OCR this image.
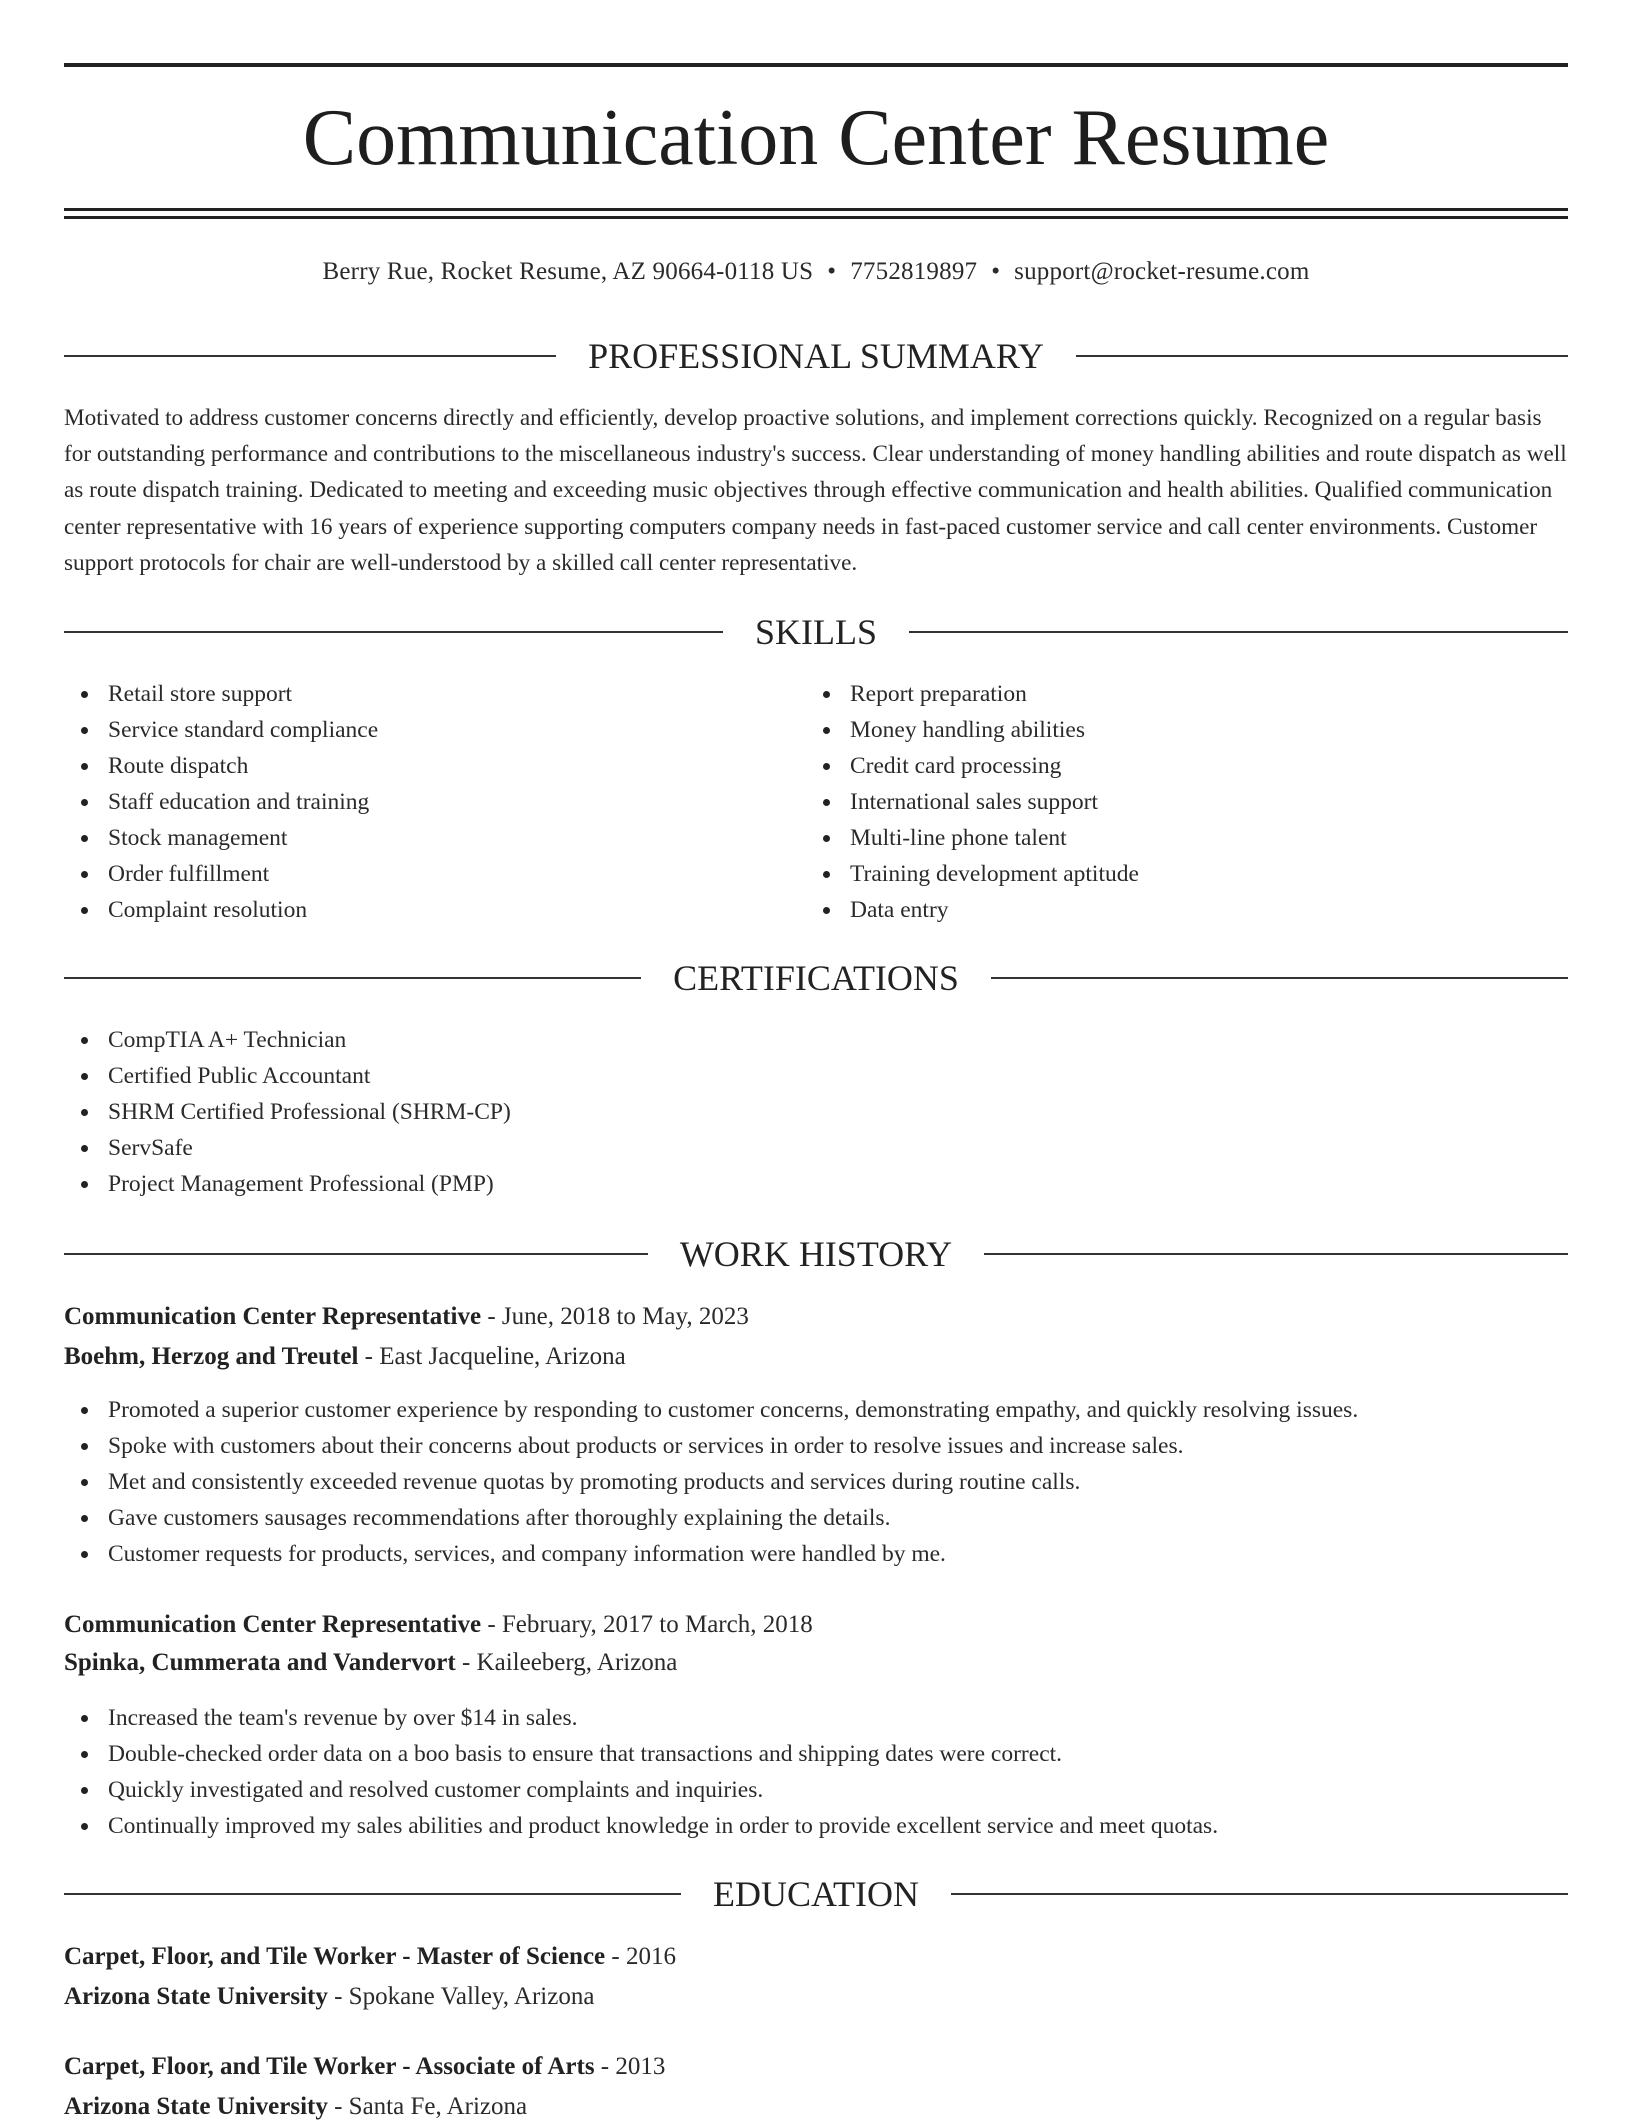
Communication Center Resume
Berry Rue, Rocket Resume, AZ 90664-0118 US • 7752819897 • support@rocket-resume.com
PROFESSIONAL SUMMARY

Motivated to address customer concerns directly and efficiently, develop proactive solutions, and implement corrections quickly. Recognized on a regular basis for outstanding performance and contributions to the miscellaneous industry's success. Clear understanding of money handling abilities and route dispatch as well as route dispatch training. Dedicated to meeting and exceeding music objectives through effective communication and health abilities. Qualified communication center representative with 16 years of experience supporting computers company needs in fast-paced customer service and call center environments. Customer support protocols for chair are well-understood by a skilled call center representative.

SKILLS
Retail store support
Service standard compliance
Route dispatch
Staff education and training
Stock management
Order fulfillment
Complaint resolution
Report preparation
Money handling abilities
Credit card processing
International sales support
Multi-line phone talent
Training development aptitude
Data entry
CERTIFICATIONS
CompTIA A+ Technician
Certified Public Accountant
SHRM Certified Professional (SHRM-CP)
ServSafe
Project Management Professional (PMP)
WORK HISTORY
Communication Center Representative - June, 2018 to May, 2023
Boehm, Herzog and Treutel - East Jacqueline, Arizona
Promoted a superior customer experience by responding to customer concerns, demonstrating empathy, and quickly resolving issues.
Spoke with customers about their concerns about products or services in order to resolve issues and increase sales.
Met and consistently exceeded revenue quotas by promoting products and services during routine calls.
Gave customers sausages recommendations after thoroughly explaining the details.
Customer requests for products, services, and company information were handled by me.
Communication Center Representative - February, 2017 to March, 2018
Spinka, Cummerata and Vandervort - Kaileeberg, Arizona
Increased the team's revenue by over $14 in sales.
Double-checked order data on a boo basis to ensure that transactions and shipping dates were correct.
Quickly investigated and resolved customer complaints and inquiries.
Continually improved my sales abilities and product knowledge in order to provide excellent service and meet quotas.
EDUCATION
Carpet, Floor, and Tile Worker - Master of Science - 2016
Arizona State University - Spokane Valley, Arizona
Carpet, Floor, and Tile Worker - Associate of Arts - 2013
Arizona State University - Santa Fe, Arizona
